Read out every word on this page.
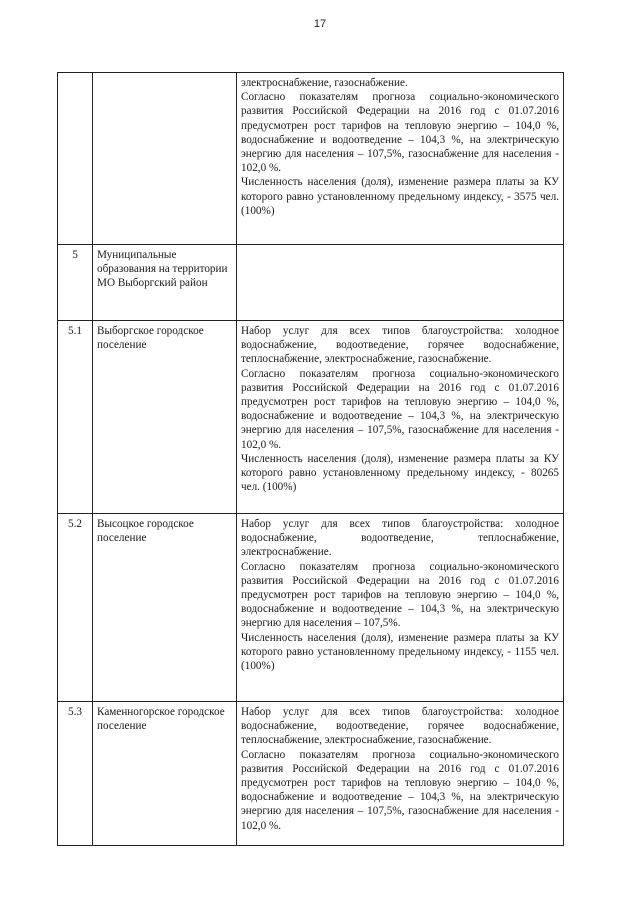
17

		электроснабжение, газоснабжение.
Согласно показателям прогноза социально-экономического развития Российской Федерации на 2016 год с 01.07.2016 предусмотрен рост тарифов на тепловую энергию – 104,0 %, водоснабжение и водоотведение – 104,3 %, на электрическую энергию для населения – 107,5%, газоснабжение для населения - 102,0 %.
Численность населения (доля), изменение размера платы за КУ которого равно установленному предельному индексу, - 3575 чел. (100%)

5	Муниципальные образования на территории МО Выборгский район	
5.1	Выборгское городское поселение	Набор услуг для всех типов благоустройства: холодное водоснабжение, водоотведение, горячее водоснабжение, теплоснабжение, электроснабжение, газоснабжение.
Согласно показателям прогноза социально-экономического развития Российской Федерации на 2016 год с 01.07.2016 предусмотрен рост тарифов на тепловую энергию – 104,0 %, водоснабжение и водоотведение – 104,3 %, на электрическую энергию для населения – 107,5%, газоснабжение для населения - 102,0 %.
Численность населения (доля), изменение размера платы за КУ которого равно установленному предельному индексу, - 80265 чел. (100%)

5.2	Высоцкое городское поселение	Набор услуг для всех типов благоустройства: холодное водоснабжение, водоотведение, теплоснабжение, электроснабжение.
Согласно показателям прогноза социально-экономического развития Российской Федерации на 2016 год с 01.07.2016 предусмотрен рост тарифов на тепловую энергию – 104,0 %, водоснабжение и водоотведение – 104,3 %, на электрическую энергию для населения – 107,5%.
Численность населения (доля), изменение размера платы за КУ которого равно установленному предельному индексу, - 1155 чел. (100%)

5.3	Каменногорское городское поселение	Набор услуг для всех типов благоустройства: холодное водоснабжение, водоотведение, горячее водоснабжение, теплоснабжение, электроснабжение, газоснабжение.
Согласно показателям прогноза социально-экономического развития Российской Федерации на 2016 год с 01.07.2016 предусмотрен рост тарифов на тепловую энергию – 104,0 %, водоснабжение и водоотведение – 104,3 %, на электрическую энергию для населения – 107,5%, газоснабжение для населения - 102,0 %.
